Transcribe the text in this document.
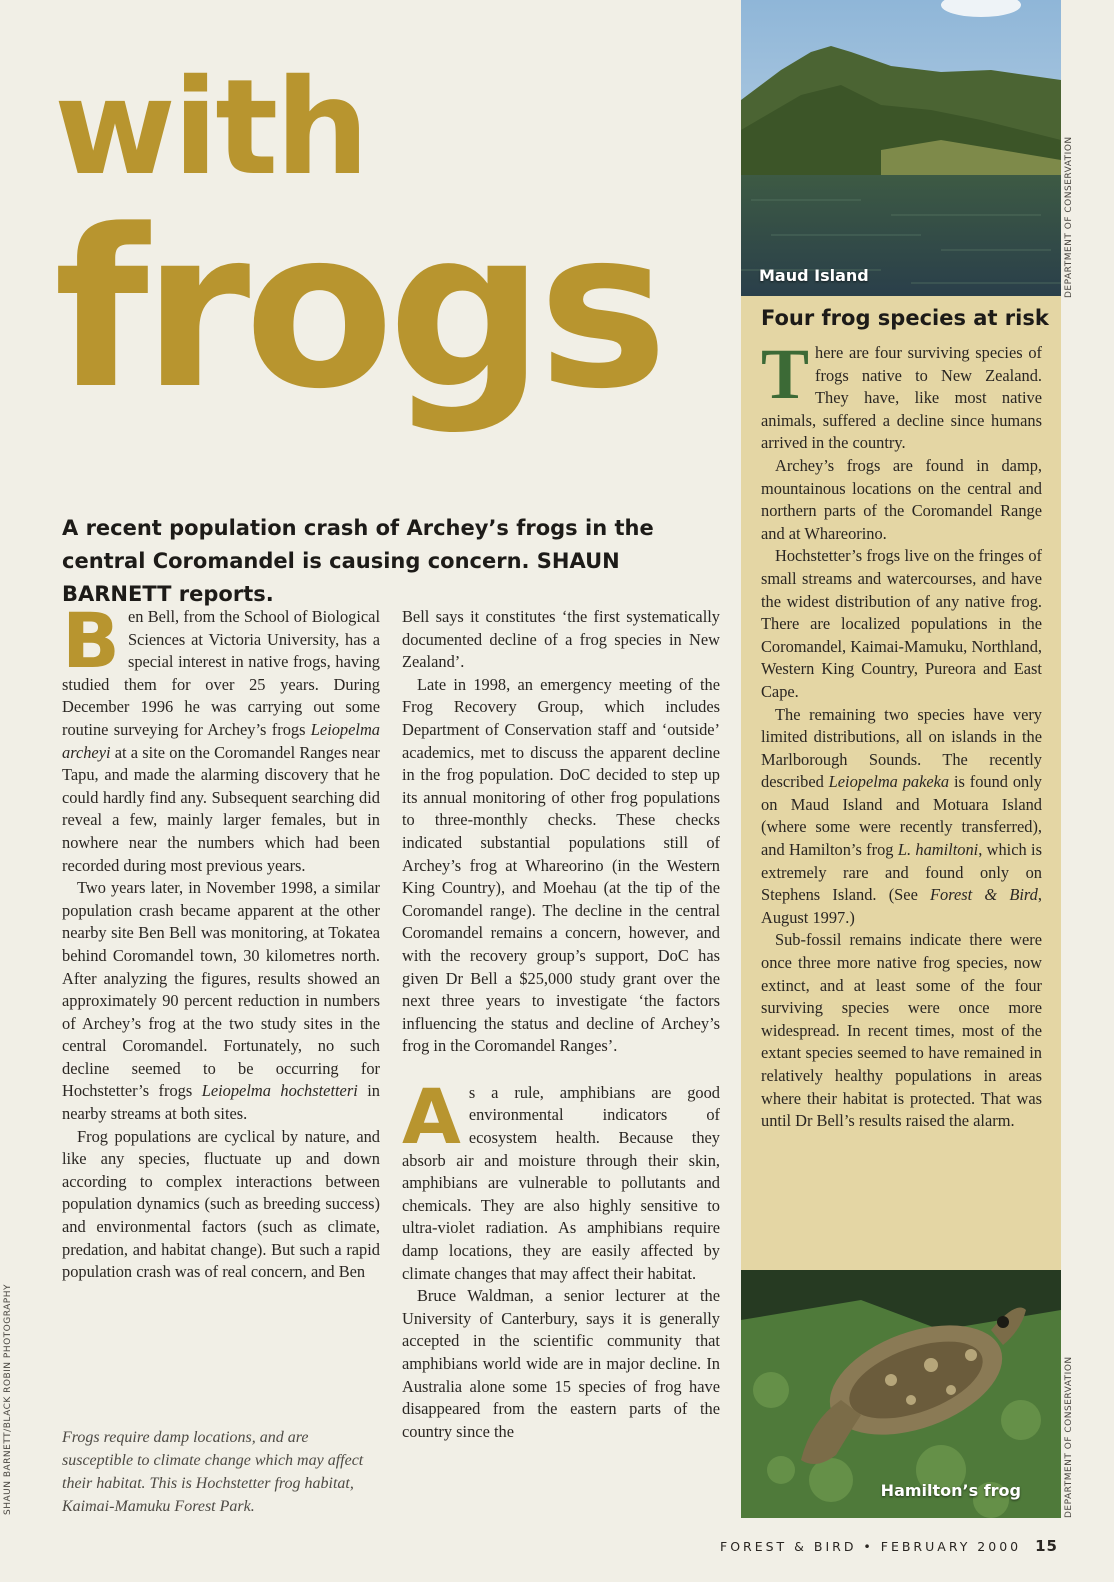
with
frogs

A recent population crash of Archey’s frogs in the central Coromandel is causing concern. SHAUN BARNETT reports.

Ben Bell, from the School of Biological Sciences at Victoria University, has a special interest in native frogs, having studied them for over 25 years. During December 1996 he was carrying out some routine surveying for Archey’s frogs Leiopelma archeyi at a site on the Coromandel Ranges near Tapu, and made the alarming discovery that he could hardly find any. Subsequent searching did reveal a few, mainly larger females, but in nowhere near the numbers which had been recorded during most previous years.

Two years later, in November 1998, a similar population crash became apparent at the other nearby site Ben Bell was monitoring, at Tokatea behind Coromandel town, 30 kilometres north. After analyzing the figures, results showed an approximately 90 percent reduction in numbers of Archey’s frog at the two study sites in the central Coromandel. Fortunately, no such decline seemed to be occurring for Hochstetter’s frogs Leiopelma hochstetteri in nearby streams at both sites.

Frog populations are cyclical by nature, and like any species, fluctuate up and down according to complex interactions between population dynamics (such as breeding success) and environmental factors (such as climate, predation, and habitat change). But such a rapid population crash was of real concern, and Ben

Frogs require damp locations, and are susceptible to climate change which may affect their habitat. This is Hochstetter frog habitat, Kaimai-Mamuku Forest Park.

Bell says it constitutes ‘the first systematically documented decline of a frog species in New Zealand’.

Late in 1998, an emergency meeting of the Frog Recovery Group, which includes Department of Conservation staff and ‘outside’ academics, met to discuss the apparent decline in the frog population. DoC decided to step up its annual monitoring of other frog populations to three-monthly checks. These checks indicated substantial populations still of Archey’s frog at Whareorino (in the Western King Country), and Moehau (at the tip of the Coromandel range). The decline in the central Coromandel remains a concern, however, and with the recovery group’s support, DoC has given Dr Bell a $25,000 study grant over the next three years to investigate ‘the factors influencing the status and decline of Archey’s frog in the Coromandel Ranges’.

As a rule, amphibians are good environmental indicators of ecosystem health. Because they absorb air and moisture through their skin, amphibians are vulnerable to pollutants and chemicals. They are also highly sensitive to ultra-violet radiation. As amphibians require damp locations, they are easily affected by climate changes that may affect their habitat.

Bruce Waldman, a senior lecturer at the University of Canterbury, says it is generally accepted in the scientific community that amphibians world wide are in major decline. In Australia alone some 15 species of frog have disappeared from the eastern parts of the country since the

Maud Island
Four frog species at risk

There are four surviving species of frogs native to New Zealand. They have, like most native animals, suffered a decline since humans arrived in the country.

Archey’s frogs are found in damp, mountainous locations on the central and northern parts of the Coromandel Range and at Whareorino.

Hochstetter’s frogs live on the fringes of small streams and watercourses, and have the widest distribution of any native frog. There are localized populations in the Coromandel, Kaimai-Mamuku, Northland, Western King Country, Pureora and East Cape.

The remaining two species have very limited distributions, all on islands in the Marlborough Sounds. The recently described Leiopelma pakeka is found only on Maud Island and Motuara Island (where some were recently transferred), and Hamilton’s frog L. hamiltoni, which is extremely rare and found only on Stephens Island. (See Forest & Bird, August 1997.)

Sub-fossil remains indicate there were once three more native frog species, now extinct, and at least some of the four surviving species were once more widespread. In recent times, most of the extant species seemed to have remained in relatively healthy populations in areas where their habitat is protected. That was until Dr Bell’s results raised the alarm.

Hamilton’s frog
DEPARTMENT OF CONSERVATION
DEPARTMENT OF CONSERVATION
SHAUN BARNETT/BLACK ROBIN PHOTOGRAPHY
FOREST & BIRD • FEBRUARY 2000 15
